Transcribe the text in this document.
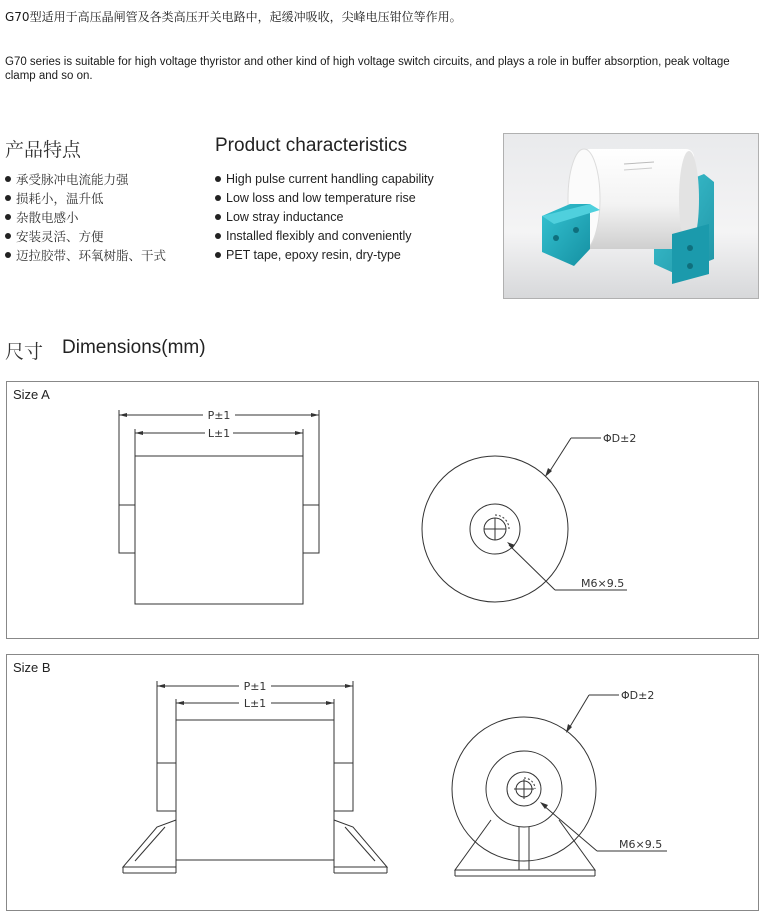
G70型适用于高压晶闸管及各类高压开关电路中，起缓冲吸收，尖峰电压钳位等作用。
G70 series is suitable for high voltage thyristor and other kind of high voltage switch circuits, and plays a role in buffer absorption, peak voltage clamp and so on.
产品特点	Product characteristics
承受脉冲电流能力强
损耗小，温升低
杂散电感小
安装灵活、方便
迈拉胶带、环氧树脂、干式
High pulse current handling capability
Low loss and low temperature rise
Low stray inductance
Installed flexibly and conveniently
PET tape, epoxy resin, dry-type
尺寸 Dimensions(mm)
Size A
P±1
L±1	ΦD±2
M6×9.5
Size B
P±1
L±1
ΦD±2
M6×9.5
